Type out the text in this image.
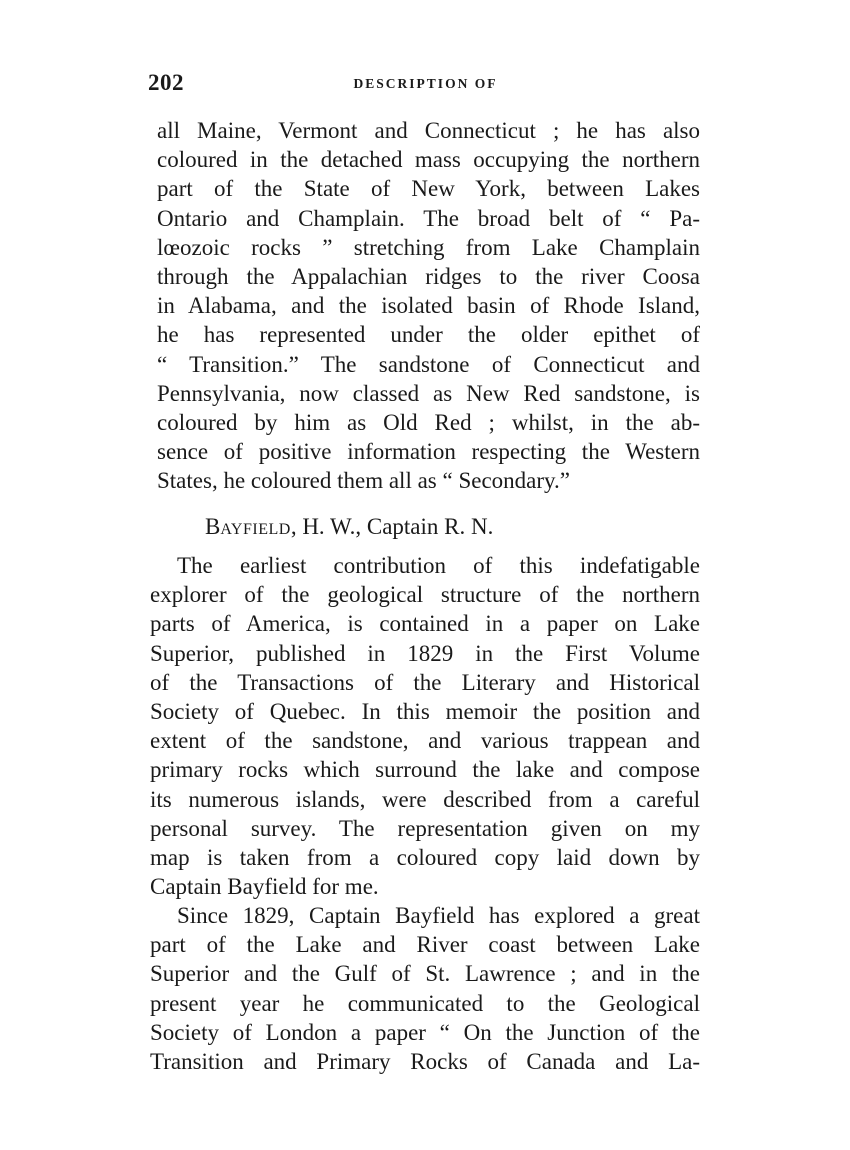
202	DESCRIPTION OF
all Maine, Vermont and Connecticut ; he has also
coloured in the detached mass occupying the northern
part of the State of New York, between Lakes
Ontario and Champlain. The broad belt of “ Pa-
lœozoic rocks ” stretching from Lake Champlain
through the Appalachian ridges to the river Coosa
in Alabama, and the isolated basin of Rhode Island,
he has represented under the older epithet of
“ Transition.” The sandstone of Connecticut and
Pennsylvania, now classed as New Red sandstone, is
coloured by him as Old Red ; whilst, in the ab-
sence of positive information respecting the Western
States, he coloured them all as “ Secondary.”
BAYFIELD, H. W., Captain R. N.
The earliest contribution of this indefatigable
explorer of the geological structure of the northern
parts of America, is contained in a paper on Lake
Superior, published in 1829 in the First Volume
of the Transactions of the Literary and Historical
Society of Quebec. In this memoir the position and
extent of the sandstone, and various trappean and
primary rocks which surround the lake and compose
its numerous islands, were described from a careful
personal survey. The representation given on my
map is taken from a coloured copy laid down by
Captain Bayfield for me.
Since 1829, Captain Bayfield has explored a great
part of the Lake and River coast between Lake
Superior and the Gulf of St. Lawrence ; and in the
present year he communicated to the Geological
Society of London a paper “ On the Junction of the
Transition and Primary Rocks of Canada and La-
